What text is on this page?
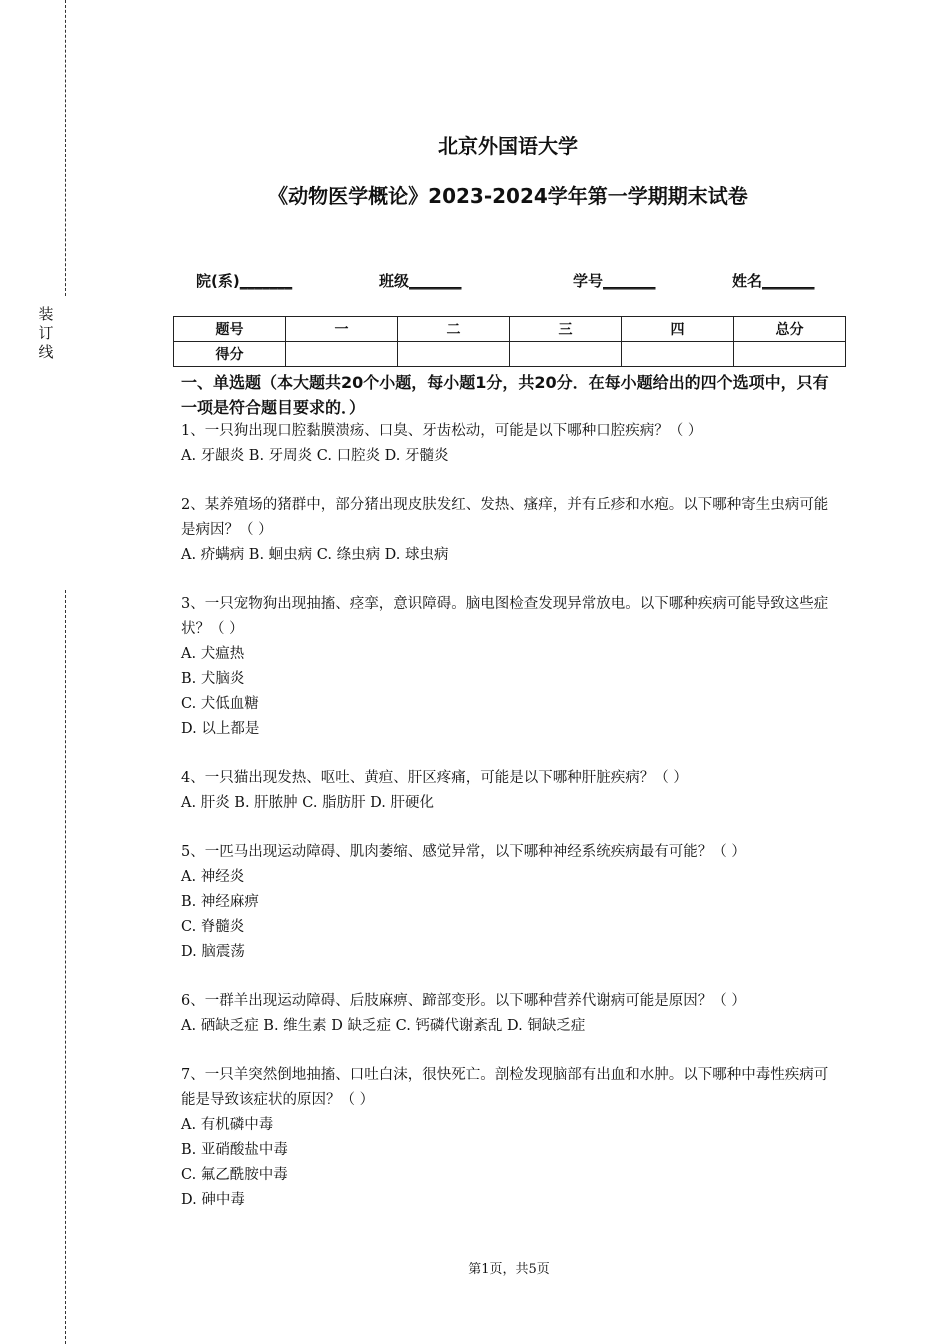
装订线
北京外国语大学
《动物医学概论》2023-2024学年第一学期期末试卷
院(系)_______	班级_______	学号_______	姓名_______
题号	一	二	三	四	总分
得分					
一、单选题（本大题共20个小题，每小题1分，共20分．在每小题给出的四个选项中，只有一项是符合题目要求的．）

1、一只狗出现口腔黏膜溃疡、口臭、牙齿松动，可能是以下哪种口腔疾病？（ ）

A. 牙龈炎 B. 牙周炎 C. 口腔炎 D. 牙髓炎

2、某养殖场的猪群中，部分猪出现皮肤发红、发热、瘙痒，并有丘疹和水疱。以下哪种寄生虫病可能是病因？（ ）

A. 疥螨病 B. 蛔虫病 C. 绦虫病 D. 球虫病

3、一只宠物狗出现抽搐、痉挛，意识障碍。脑电图检查发现异常放电。以下哪种疾病可能导致这些症状？（ ）

A. 犬瘟热

B. 犬脑炎

C. 犬低血糖

D. 以上都是

4、一只猫出现发热、呕吐、黄疸、肝区疼痛，可能是以下哪种肝脏疾病？（ ）

A. 肝炎 B. 肝脓肿 C. 脂肪肝 D. 肝硬化

5、一匹马出现运动障碍、肌肉萎缩、感觉异常，以下哪种神经系统疾病最有可能？（ ）

A. 神经炎

B. 神经麻痹

C. 脊髓炎

D. 脑震荡

6、一群羊出现运动障碍、后肢麻痹、蹄部变形。以下哪种营养代谢病可能是原因？（ ）

A. 硒缺乏症 B. 维生素 D 缺乏症 C. 钙磷代谢紊乱 D. 铜缺乏症

7、一只羊突然倒地抽搐、口吐白沫，很快死亡。剖检发现脑部有出血和水肿。以下哪种中毒性疾病可能是导致该症状的原因？（ ）

A. 有机磷中毒

B. 亚硝酸盐中毒

C. 氟乙酰胺中毒

D. 砷中毒

第1页，共5页
